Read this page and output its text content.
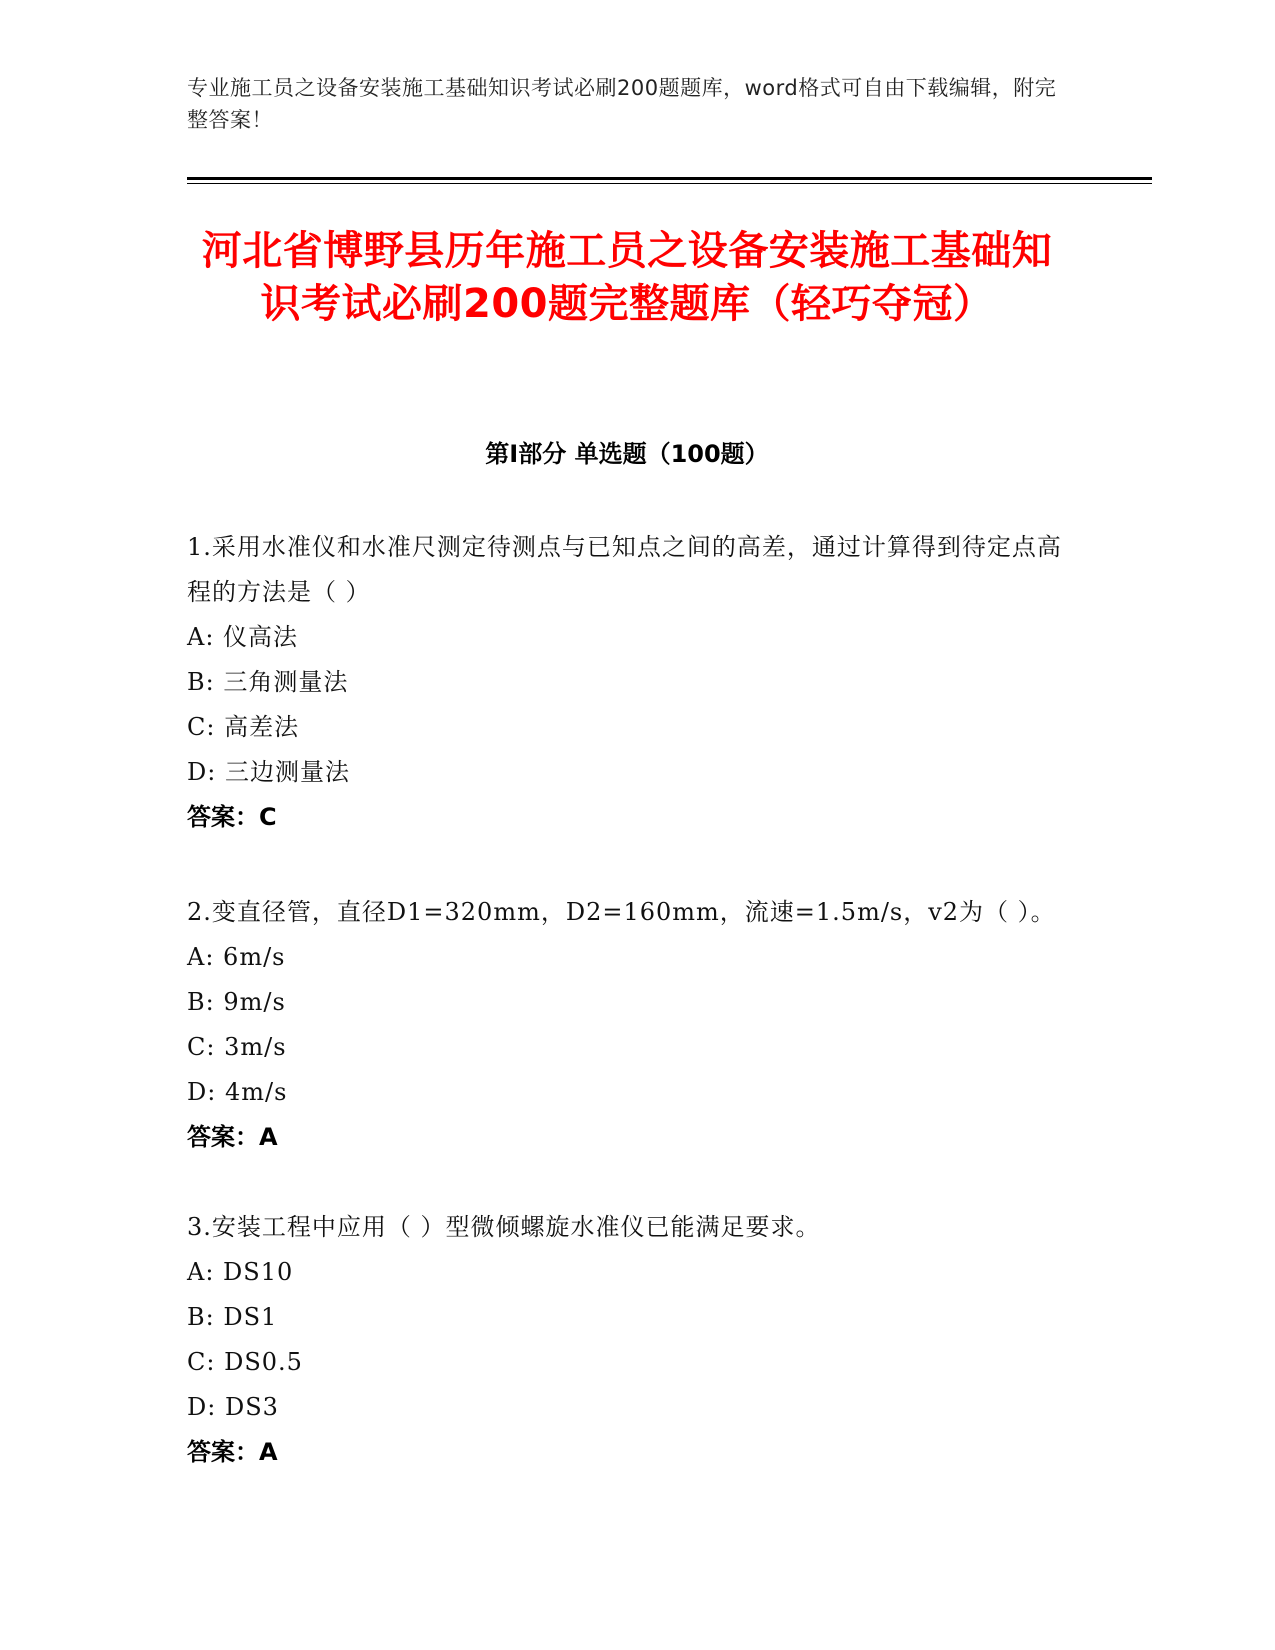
专业施工员之设备安装施工基础知识考试必刷200题题库，word格式可自由下载编辑，附完整答案！
河北省博野县历年施工员之设备安装施工基础知识考试必刷200题完整题库（轻巧夺冠）
第Ⅰ部分 单选题（100题）
1.采用水准仪和水准尺测定待测点与已知点之间的高差，通过计算得到待定点高程的方法是（ ）
A: 仪高法
B: 三角测量法
C: 高差法
D: 三边测量法
答案：C
2.变直径管，直径D1=320mm，D2=160mm，流速=1.5m/s，v2为（ ）。
A: 6m/s
B: 9m/s
C: 3m/s
D: 4m/s
答案：A
3.安装工程中应用（ ）型微倾螺旋水准仪已能满足要求。
A: DS10
B: DS1
C: DS0.5
D: DS3
答案：A
